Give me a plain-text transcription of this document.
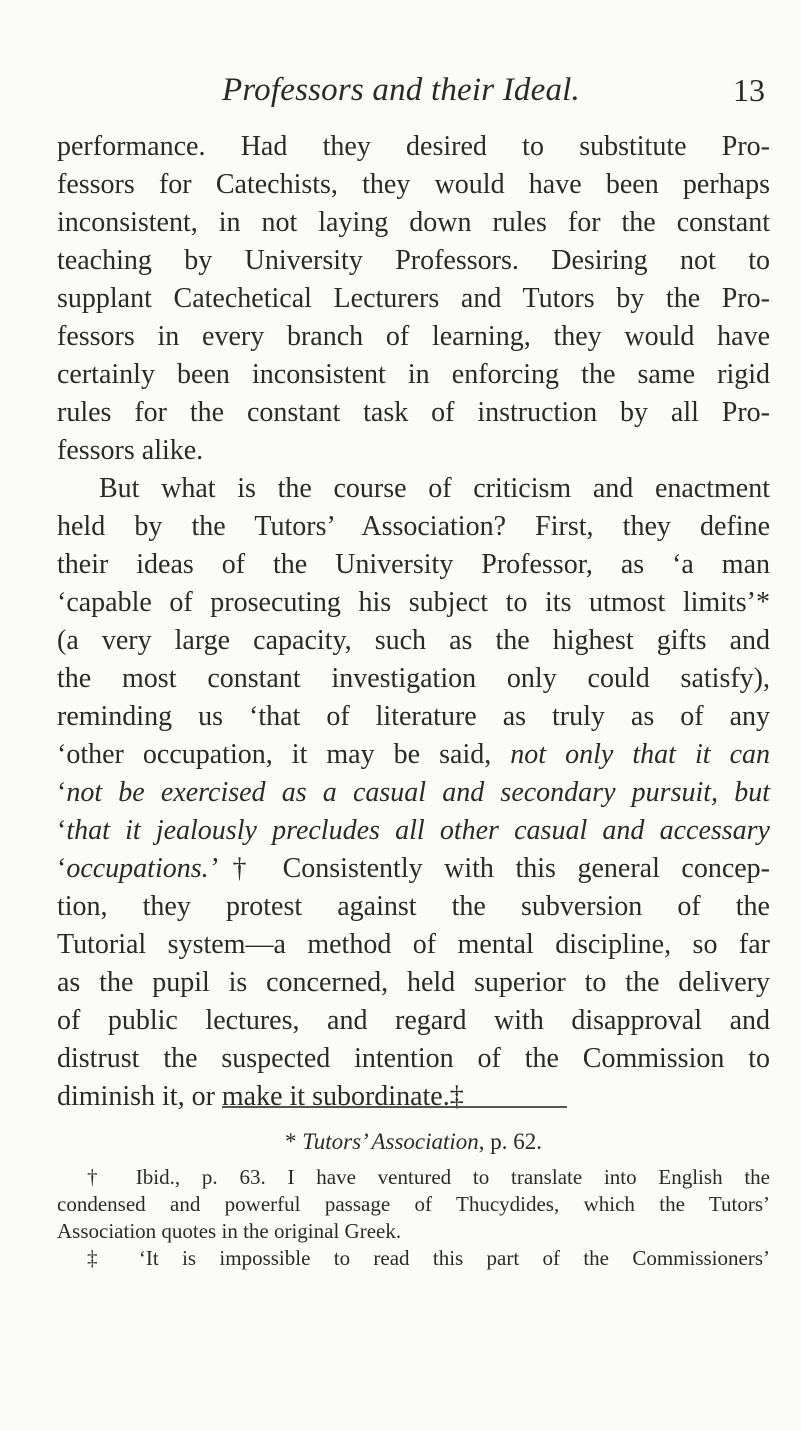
Professors and their Ideal.	13
performance. Had they desired to substitute Pro-
fessors for Catechists, they would have been perhaps
inconsistent, in not laying down rules for the constant
teaching by University Professors. Desiring not to
supplant Catechetical Lecturers and Tutors by the Pro-
fessors in every branch of learning, they would have
certainly been inconsistent in enforcing the same rigid
rules for the constant task of instruction by all Pro-
fessors alike.
But what is the course of criticism and enactment
held by the Tutors’ Association? First, they define
their ideas of the University Professor, as ‘a man
‘capable of prosecuting his subject to its utmost limits’*
(a very large capacity, such as the highest gifts and
the most constant investigation only could satisfy),
reminding us ‘that of literature as truly as of any
‘other occupation, it may be said, not only that it can
‘not be exercised as a casual and secondary pursuit, but
‘that it jealously precludes all other casual and accessary
‘occupations.’† Consistently with this general concep-
tion, they protest against the subversion of the
Tutorial system—a method of mental discipline, so far
as the pupil is concerned, held superior to the delivery
of public lectures, and regard with disapproval and
distrust the suspected intention of the Commission to
diminish it, or make it subordinate.‡
* Tutors’ Association, p. 62.
† Ibid., p. 63. I have ventured to translate into English the
condensed and powerful passage of Thucydides, which the Tutors’
Association quotes in the original Greek.
‡ ‘It is impossible to read this part of the Commissioners’
